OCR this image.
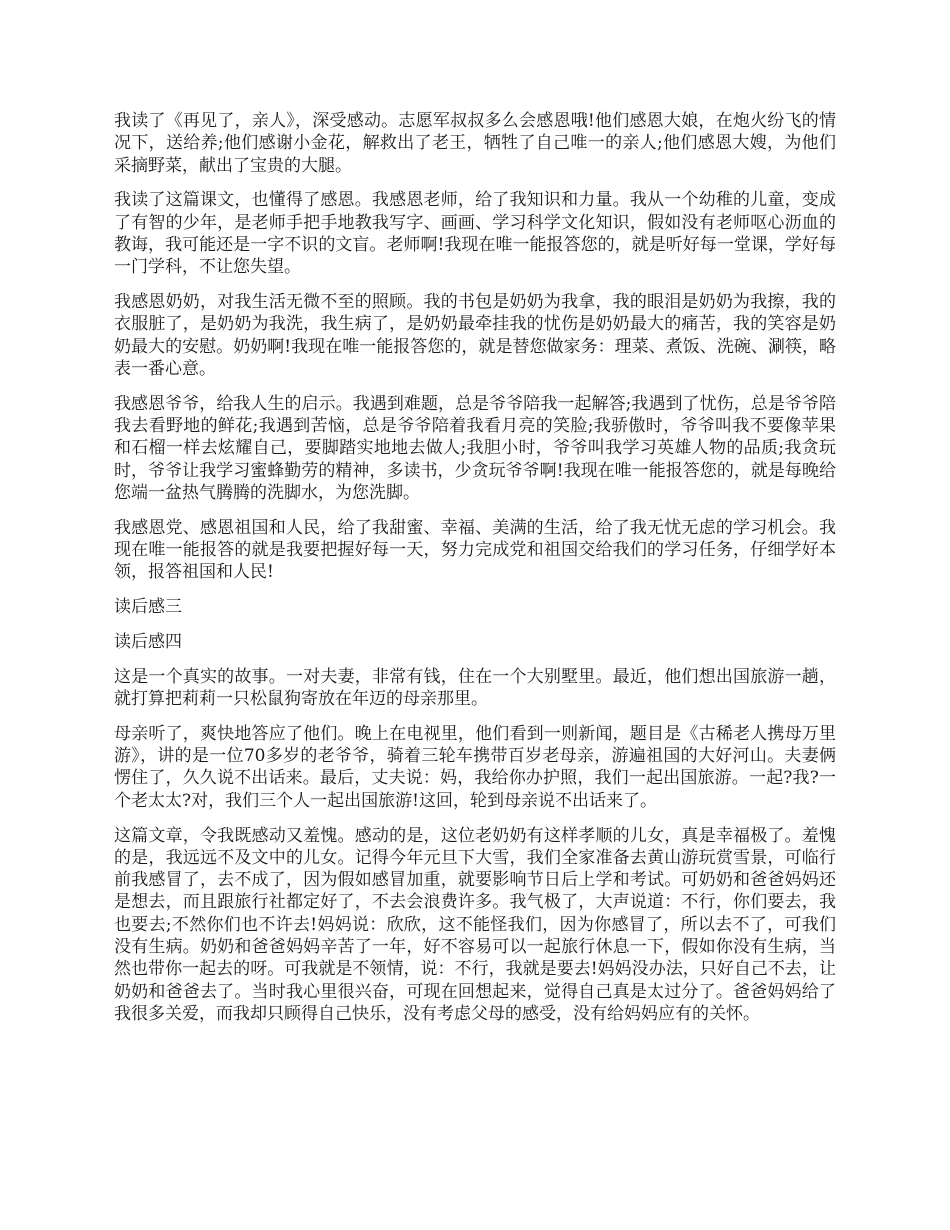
我读了《再见了，亲人》，深受感动。志愿军叔叔多么会感恩哦!他们感恩大娘，在炮火纷飞的情况下，送给养;他们感谢小金花，解救出了老王，牺牲了自己唯一的亲人;他们感恩大嫂，为他们采摘野菜，献出了宝贵的大腿。

我读了这篇课文，也懂得了感恩。我感恩老师，给了我知识和力量。我从一个幼稚的儿童，变成了有智的少年，是老师手把手地教我写字、画画、学习科学文化知识，假如没有老师呕心沥血的教诲，我可能还是一字不识的文盲。老师啊!我现在唯一能报答您的，就是听好每一堂课，学好每一门学科，不让您失望。

我感恩奶奶，对我生活无微不至的照顾。我的书包是奶奶为我拿，我的眼泪是奶奶为我擦，我的衣服脏了，是奶奶为我洗，我生病了，是奶奶最牵挂我的忧伤是奶奶最大的痛苦，我的笑容是奶奶最大的安慰。奶奶啊!我现在唯一能报答您的，就是替您做家务：理菜、煮饭、洗碗、涮筷，略表一番心意。

我感恩爷爷，给我人生的启示。我遇到难题，总是爷爷陪我一起解答;我遇到了忧伤，总是爷爷陪我去看野地的鲜花;我遇到苦恼，总是爷爷陪着我看月亮的笑脸;我骄傲时，爷爷叫我不要像苹果和石榴一样去炫耀自己，要脚踏实地地去做人;我胆小时，爷爷叫我学习英雄人物的品质;我贪玩时，爷爷让我学习蜜蜂勤劳的精神，多读书，少贪玩爷爷啊!我现在唯一能报答您的，就是每晚给您端一盆热气腾腾的洗脚水，为您洗脚。

我感恩党、感恩祖国和人民，给了我甜蜜、幸福、美满的生活，给了我无忧无虑的学习机会。我现在唯一能报答的就是我要把握好每一天，努力完成党和祖国交给我们的学习任务，仔细学好本领，报答祖国和人民!

读后感三

读后感四

这是一个真实的故事。一对夫妻，非常有钱，住在一个大别墅里。最近，他们想出国旅游一趟，就打算把莉莉一只松鼠狗寄放在年迈的母亲那里。

母亲听了，爽快地答应了他们。晚上在电视里，他们看到一则新闻，题目是《古稀老人携母万里游》，讲的是一位70多岁的老爷爷，骑着三轮车携带百岁老母亲，游遍祖国的大好河山。夫妻俩愣住了，久久说不出话来。最后，丈夫说：妈，我给你办护照，我们一起出国旅游。一起?我?一个老太太?对，我们三个人一起出国旅游!这回，轮到母亲说不出话来了。

这篇文章，令我既感动又羞愧。感动的是，这位老奶奶有这样孝顺的儿女，真是幸福极了。羞愧的是，我远远不及文中的儿女。记得今年元旦下大雪，我们全家准备去黄山游玩赏雪景，可临行前我感冒了，去不成了，因为假如感冒加重，就要影响节日后上学和考试。可奶奶和爸爸妈妈还是想去，而且跟旅行社都定好了，不去会浪费许多。我气极了，大声说道：不行，你们要去，我也要去;不然你们也不许去!妈妈说：欣欣，这不能怪我们，因为你感冒了，所以去不了，可我们没有生病。奶奶和爸爸妈妈辛苦了一年，好不容易可以一起旅行休息一下，假如你没有生病，当然也带你一起去的呀。可我就是不领情，说：不行，我就是要去!妈妈没办法，只好自己不去，让奶奶和爸爸去了。当时我心里很兴奋，可现在回想起来，觉得自己真是太过分了。爸爸妈妈给了我很多关爱，而我却只顾得自己快乐，没有考虑父母的感受，没有给妈妈应有的关怀。
